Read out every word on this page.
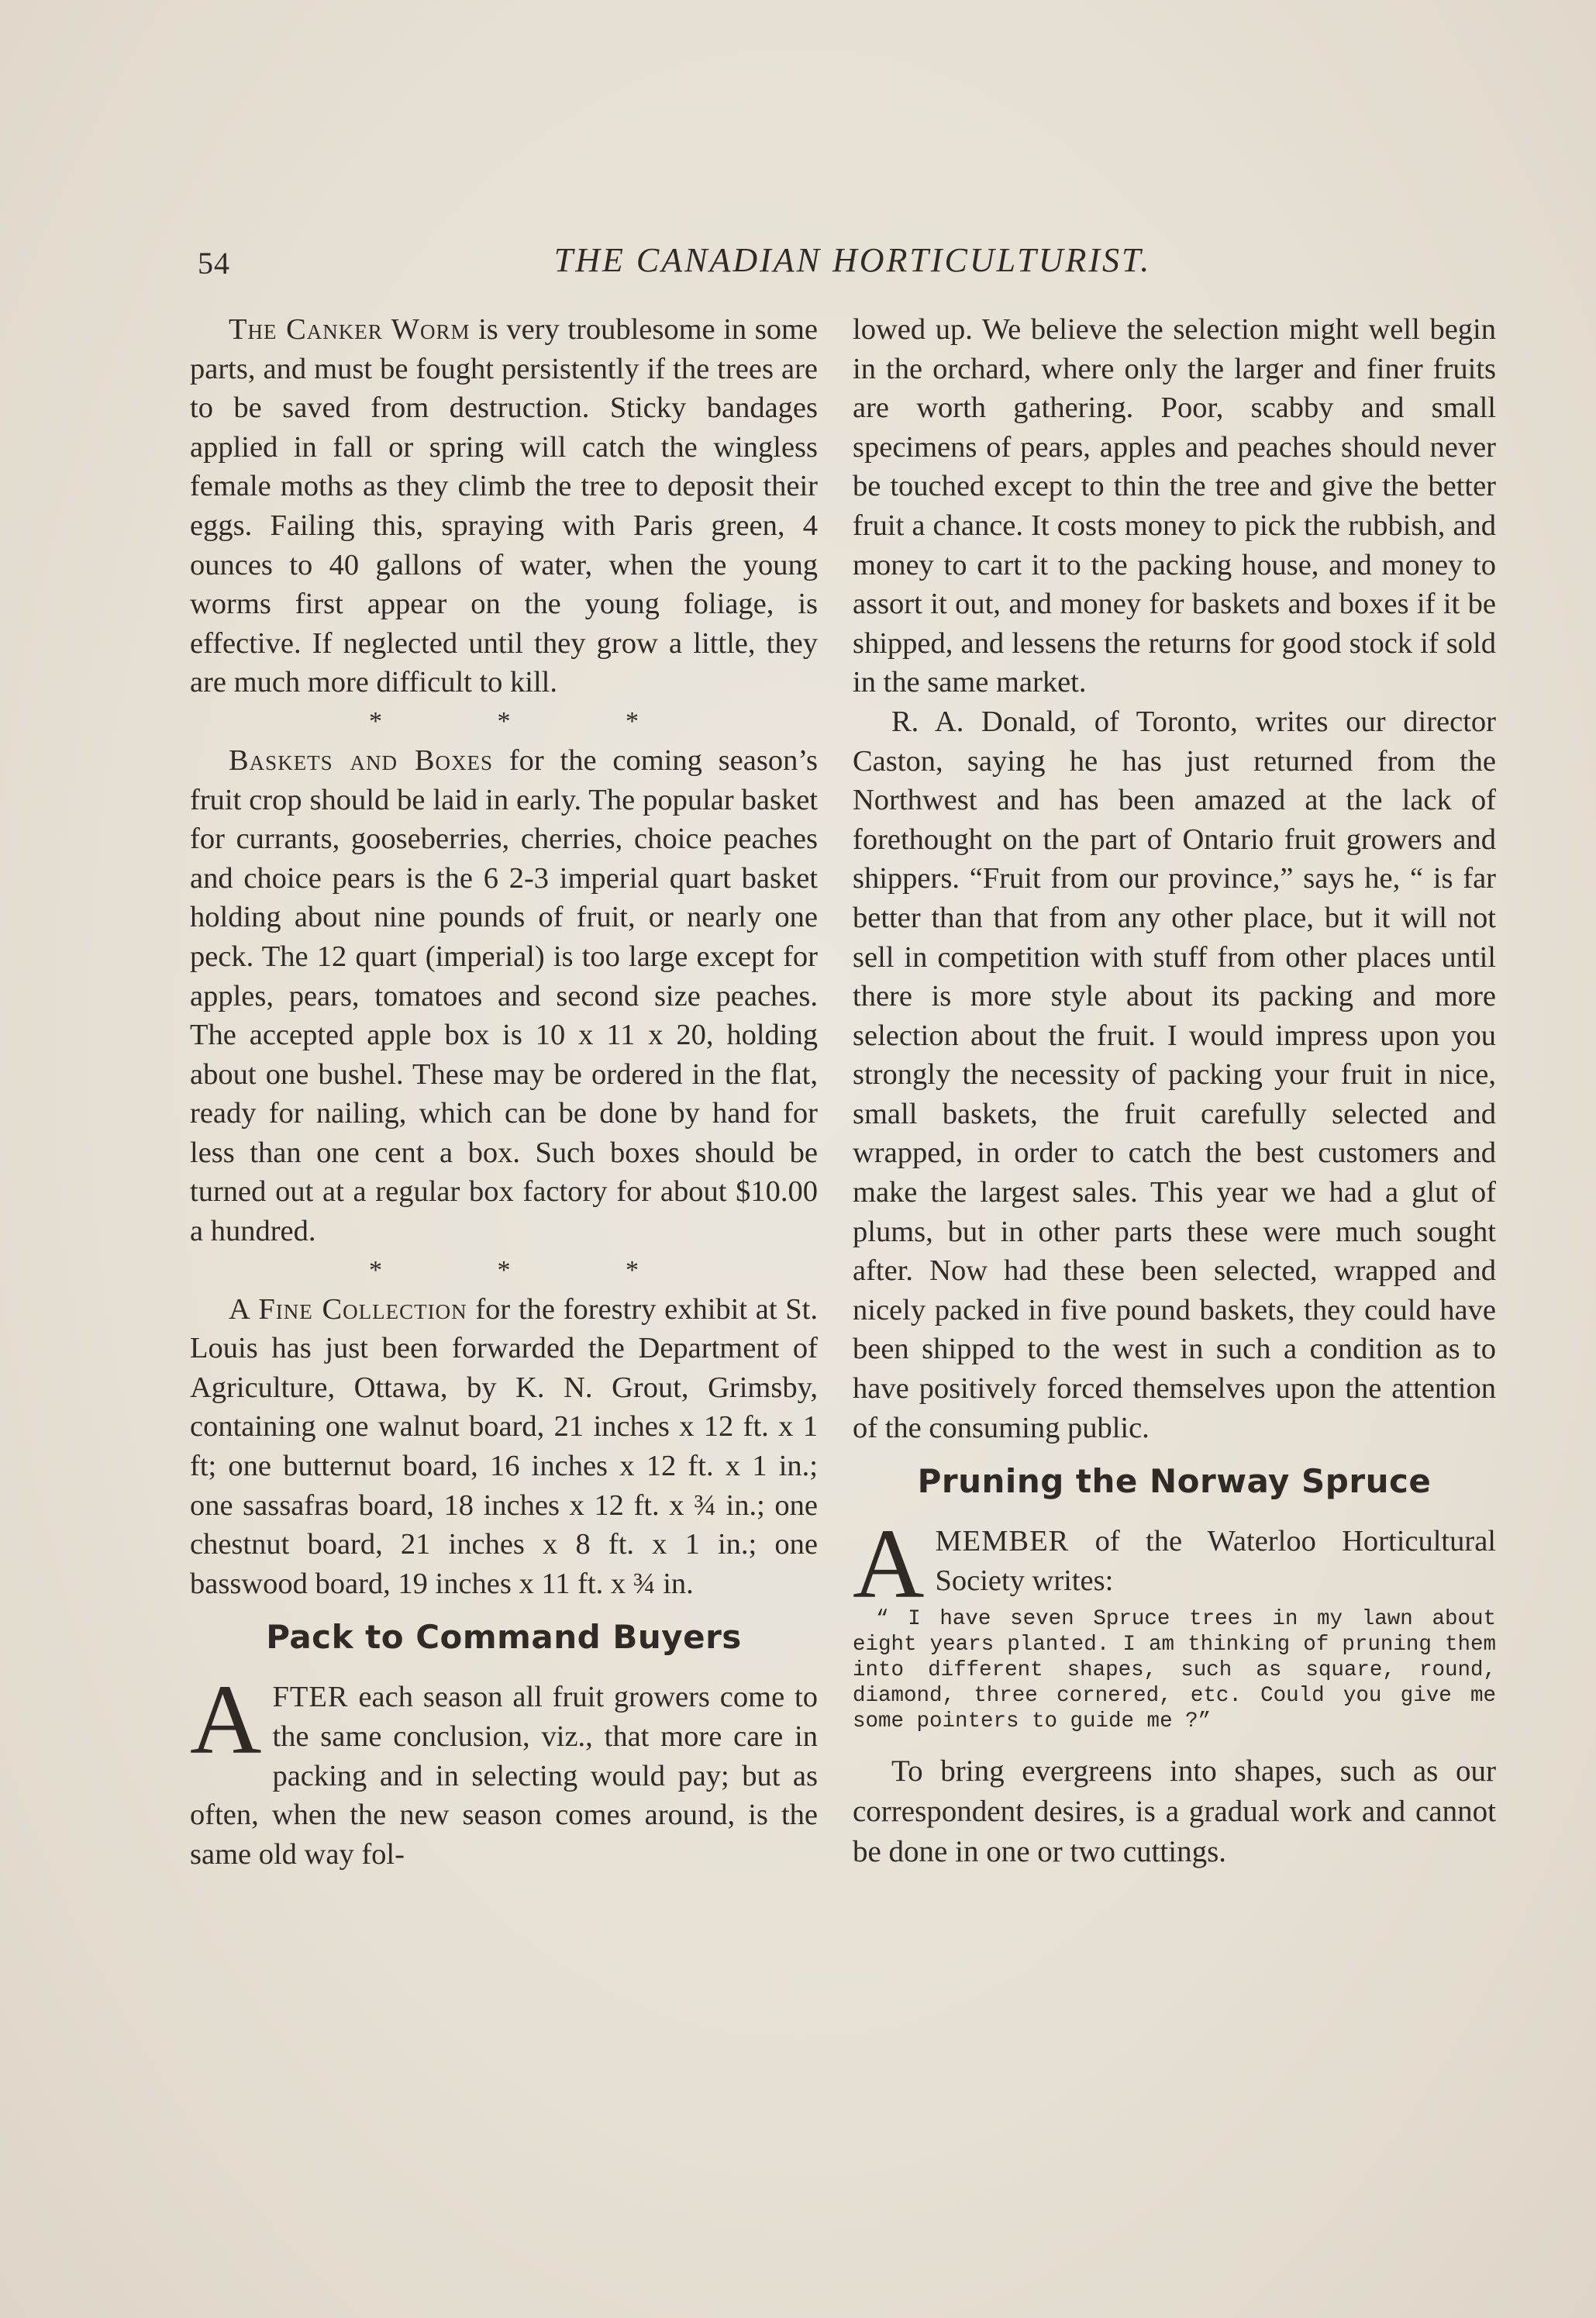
54	THE CANADIAN HORTICULTURIST.

The Canker Worm is very troublesome in some parts, and must be fought persistently if the trees are to be saved from destruction. Sticky bandages applied in fall or spring will catch the wingless female moths as they climb the tree to deposit their eggs. Failing this, spraying with Paris green, 4 ounces to 40 gallons of water, when the young worms first appear on the young foliage, is effective. If neglected until they grow a little, they are much more difficult to kill.

* * *

Baskets and Boxes for the coming season’s fruit crop should be laid in early. The popular basket for currants, gooseberries, cherries, choice peaches and choice pears is the 6 2-3 imperial quart basket holding about nine pounds of fruit, or nearly one peck. The 12 quart (imperial) is too large except for apples, pears, tomatoes and second size peaches. The accepted apple box is 10 x 11 x 20, holding about one bushel. These may be ordered in the flat, ready for nailing, which can be done by hand for less than one cent a box. Such boxes should be turned out at a regular box factory for about $10.00 a hundred.

* * *

A Fine Collection for the forestry exhibit at St. Louis has just been forwarded the Department of Agriculture, Ottawa, by K. N. Grout, Grimsby, containing one walnut board, 21 inches x 12 ft. x 1 ft; one butternut board, 16 inches x 12 ft. x 1 in.; one sassafras board, 18 inches x 12 ft. x ¾ in.; one chestnut board, 21 inches x 8 ft. x 1 in.; one basswood board, 19 inches x 11 ft. x ¾ in.

Pack to Command Buyers

AFTER each season all fruit growers come to the same conclusion, viz., that more care in packing and in selecting would pay; but as often, when the new season comes around, is the same old way fol-

lowed up. We believe the selection might well begin in the orchard, where only the larger and finer fruits are worth gathering. Poor, scabby and small specimens of pears, apples and peaches should never be touched except to thin the tree and give the better fruit a chance. It costs money to pick the rubbish, and money to cart it to the packing house, and money to assort it out, and money for baskets and boxes if it be shipped, and lessens the returns for good stock if sold in the same market.

R. A. Donald, of Toronto, writes our director Caston, saying he has just returned from the Northwest and has been amazed at the lack of forethought on the part of Ontario fruit growers and shippers. “Fruit from our province,” says he, “ is far better than that from any other place, but it will not sell in competition with stuff from other places until there is more style about its packing and more selection about the fruit. I would impress upon you strongly the necessity of packing your fruit in nice, small baskets, the fruit carefully selected and wrapped, in order to catch the best customers and make the largest sales. This year we had a glut of plums, but in other parts these were much sought after. Now had these been selected, wrapped and nicely packed in five pound baskets, they could have been shipped to the west in such a condition as to have positively forced themselves upon the attention of the consuming public.

Pruning the Norway Spruce

AMEMBER of the Waterloo Horticultural Society writes:

“ I have seven Spruce trees in my lawn about eight years planted. I am thinking of pruning them into different shapes, such as square, round, diamond, three cornered, etc. Could you give me some pointers to guide me ?”

To bring evergreens into shapes, such as our correspondent desires, is a gradual work and cannot be done in one or two cuttings.
